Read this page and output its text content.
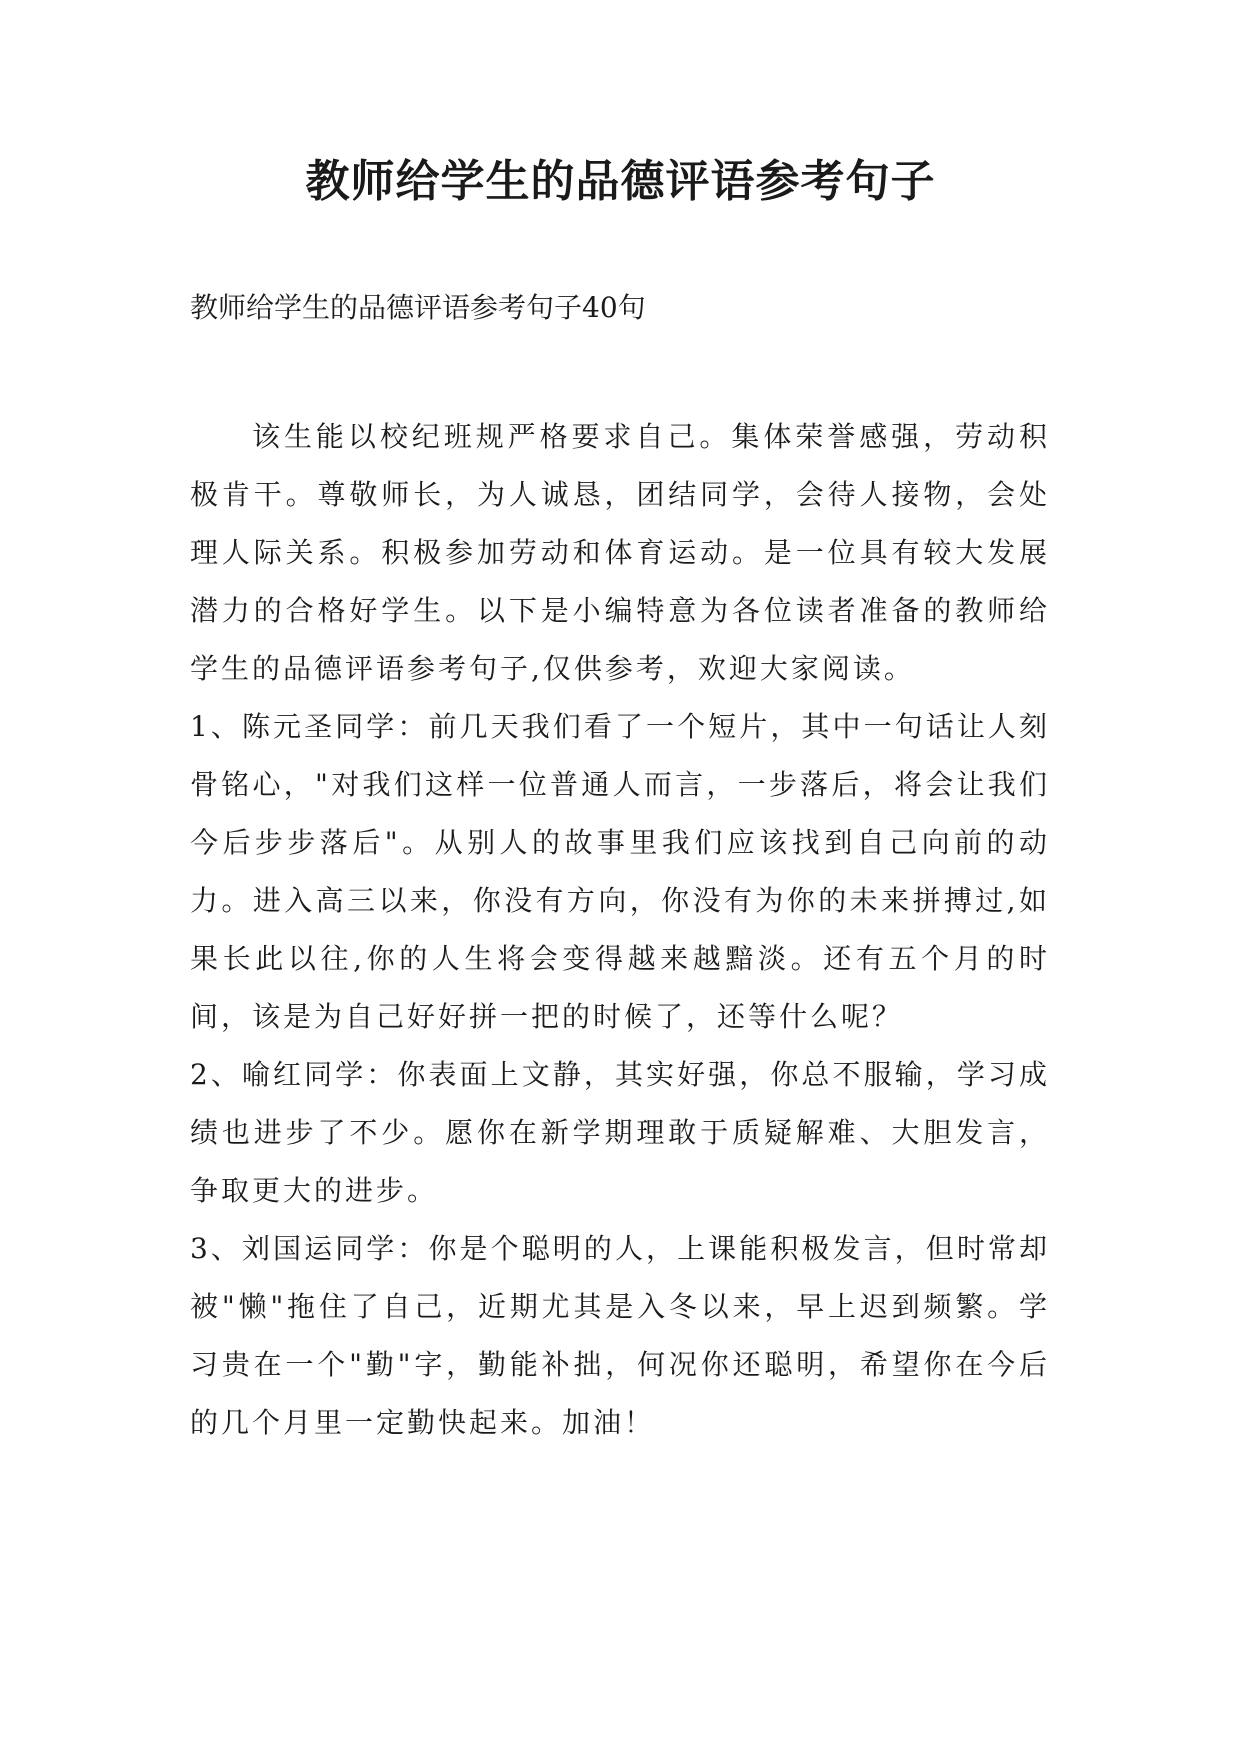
教师给学生的品德评语参考句子

教师给学生的品德评语参考句子40句

该生能以校纪班规严格要求自己。集体荣誉感强，劳动积极肯干。尊敬师长，为人诚恳，团结同学，会待人接物，会处理人际关系。积极参加劳动和体育运动。是一位具有较大发展潜力的合格好学生。以下是小编特意为各位读者准备的教师给学生的品德评语参考句子,仅供参考，欢迎大家阅读。

1、陈元圣同学：前几天我们看了一个短片，其中一句话让人刻骨铭心，"对我们这样一位普通人而言，一步落后，将会让我们今后步步落后"。从别人的故事里我们应该找到自己向前的动力。进入高三以来，你没有方向，你没有为你的未来拼搏过,如果长此以往,你的人生将会变得越来越黯淡。还有五个月的时间，该是为自己好好拼一把的时候了，还等什么呢？

2、喻红同学：你表面上文静，其实好强，你总不服输，学习成绩也进步了不少。愿你在新学期理敢于质疑解难、大胆发言，争取更大的进步。

3、刘国运同学：你是个聪明的人，上课能积极发言，但时常却被"懒"拖住了自己，近期尤其是入冬以来，早上迟到频繁。学习贵在一个"勤"字，勤能补拙，何况你还聪明，希望你在今后的几个月里一定勤快起来。加油！
